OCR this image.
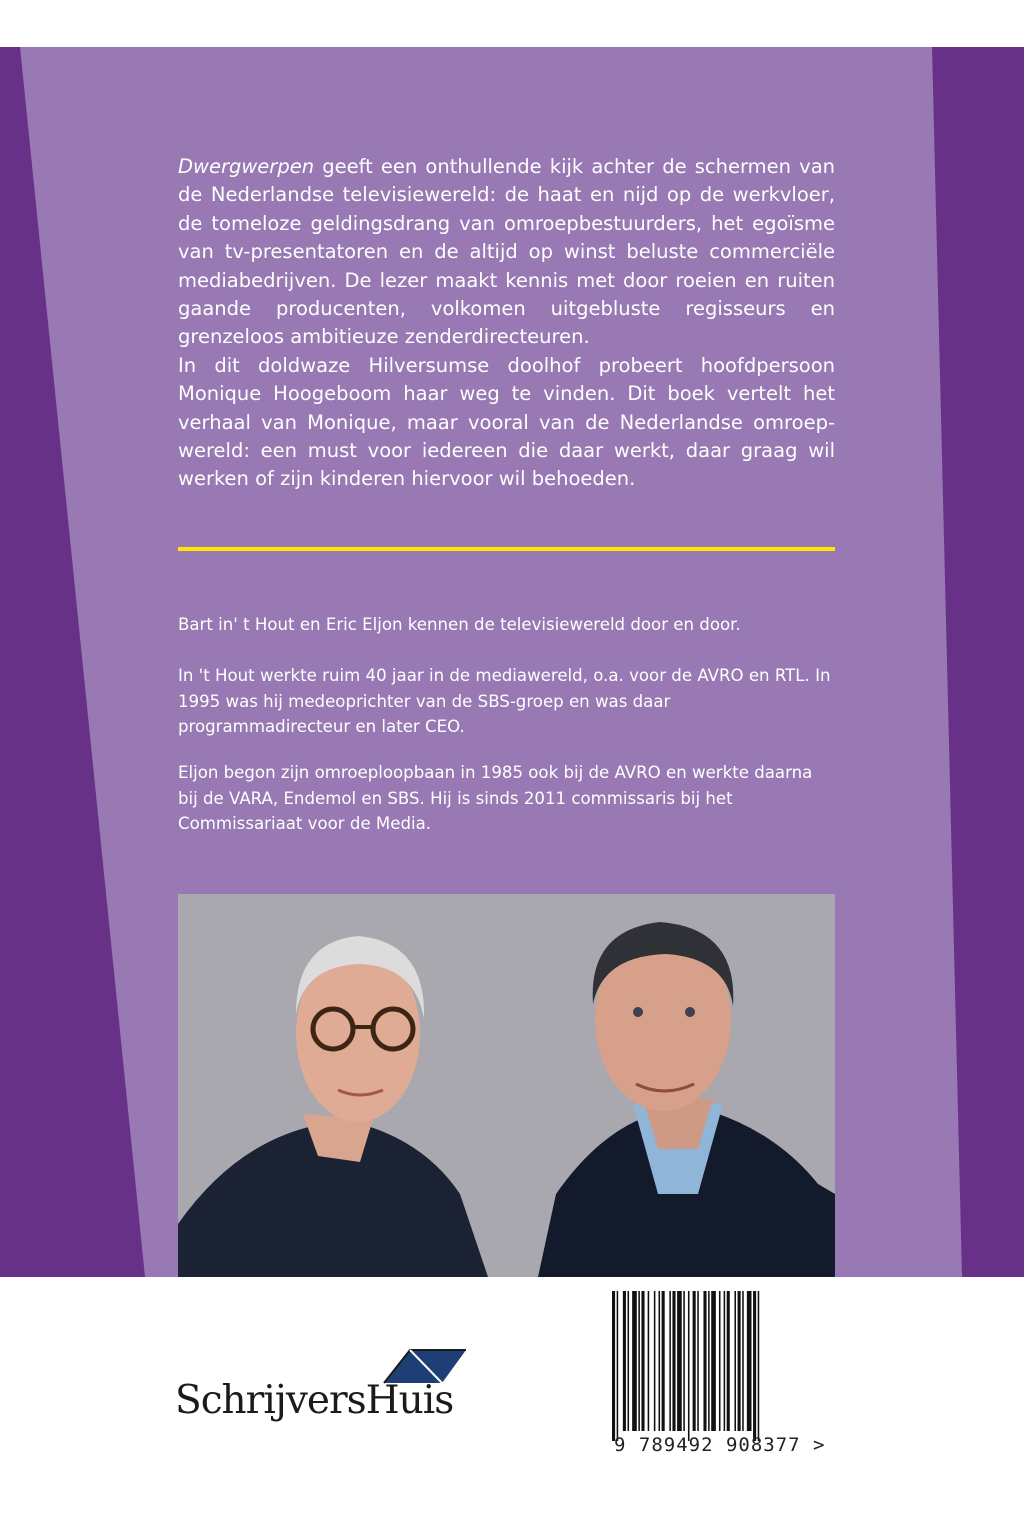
Dwergwerpen geeft een onthullende kijk achter de schermen van de Nederlandse televisiewereld: de haat en nijd op de werkvloer, de tomeloze geldingsdrang van omroepbestuurders, het egoïsme van tv-presentatoren en de altijd op winst beluste commerciële mediabedrijven. De lezer maakt kennis met door roeien en ruiten gaande producenten, volkomen uitgebluste regisseurs en grenzeloos ambitieuze zenderdirecteuren.

In dit doldwaze Hilversumse doolhof probeert hoofdpersoon Monique Hoogeboom haar weg te vinden. Dit boek vertelt het verhaal van Monique, maar vooral van de Nederlandse omroep-wereld: een must voor iedereen die daar werkt, daar graag wil werken of zijn kinderen hiervoor wil behoeden.

Bart in' t Hout en Eric Eljon kennen de televisiewereld door en door.

In 't Hout werkte ruim 40 jaar in de mediawereld, o.a. voor de AVRO en RTL. In 1995 was hij medeoprichter van de SBS-groep en was daar programmadirecteur en later CEO.

Eljon begon zijn omroeploopbaan in 1985 ook bij de AVRO en werkte daarna bij de VARA, Endemol en SBS. Hij is sinds 2011 commissaris bij het Commissariaat voor de Media.

SchrijversHuis
9 789492 908377 >
